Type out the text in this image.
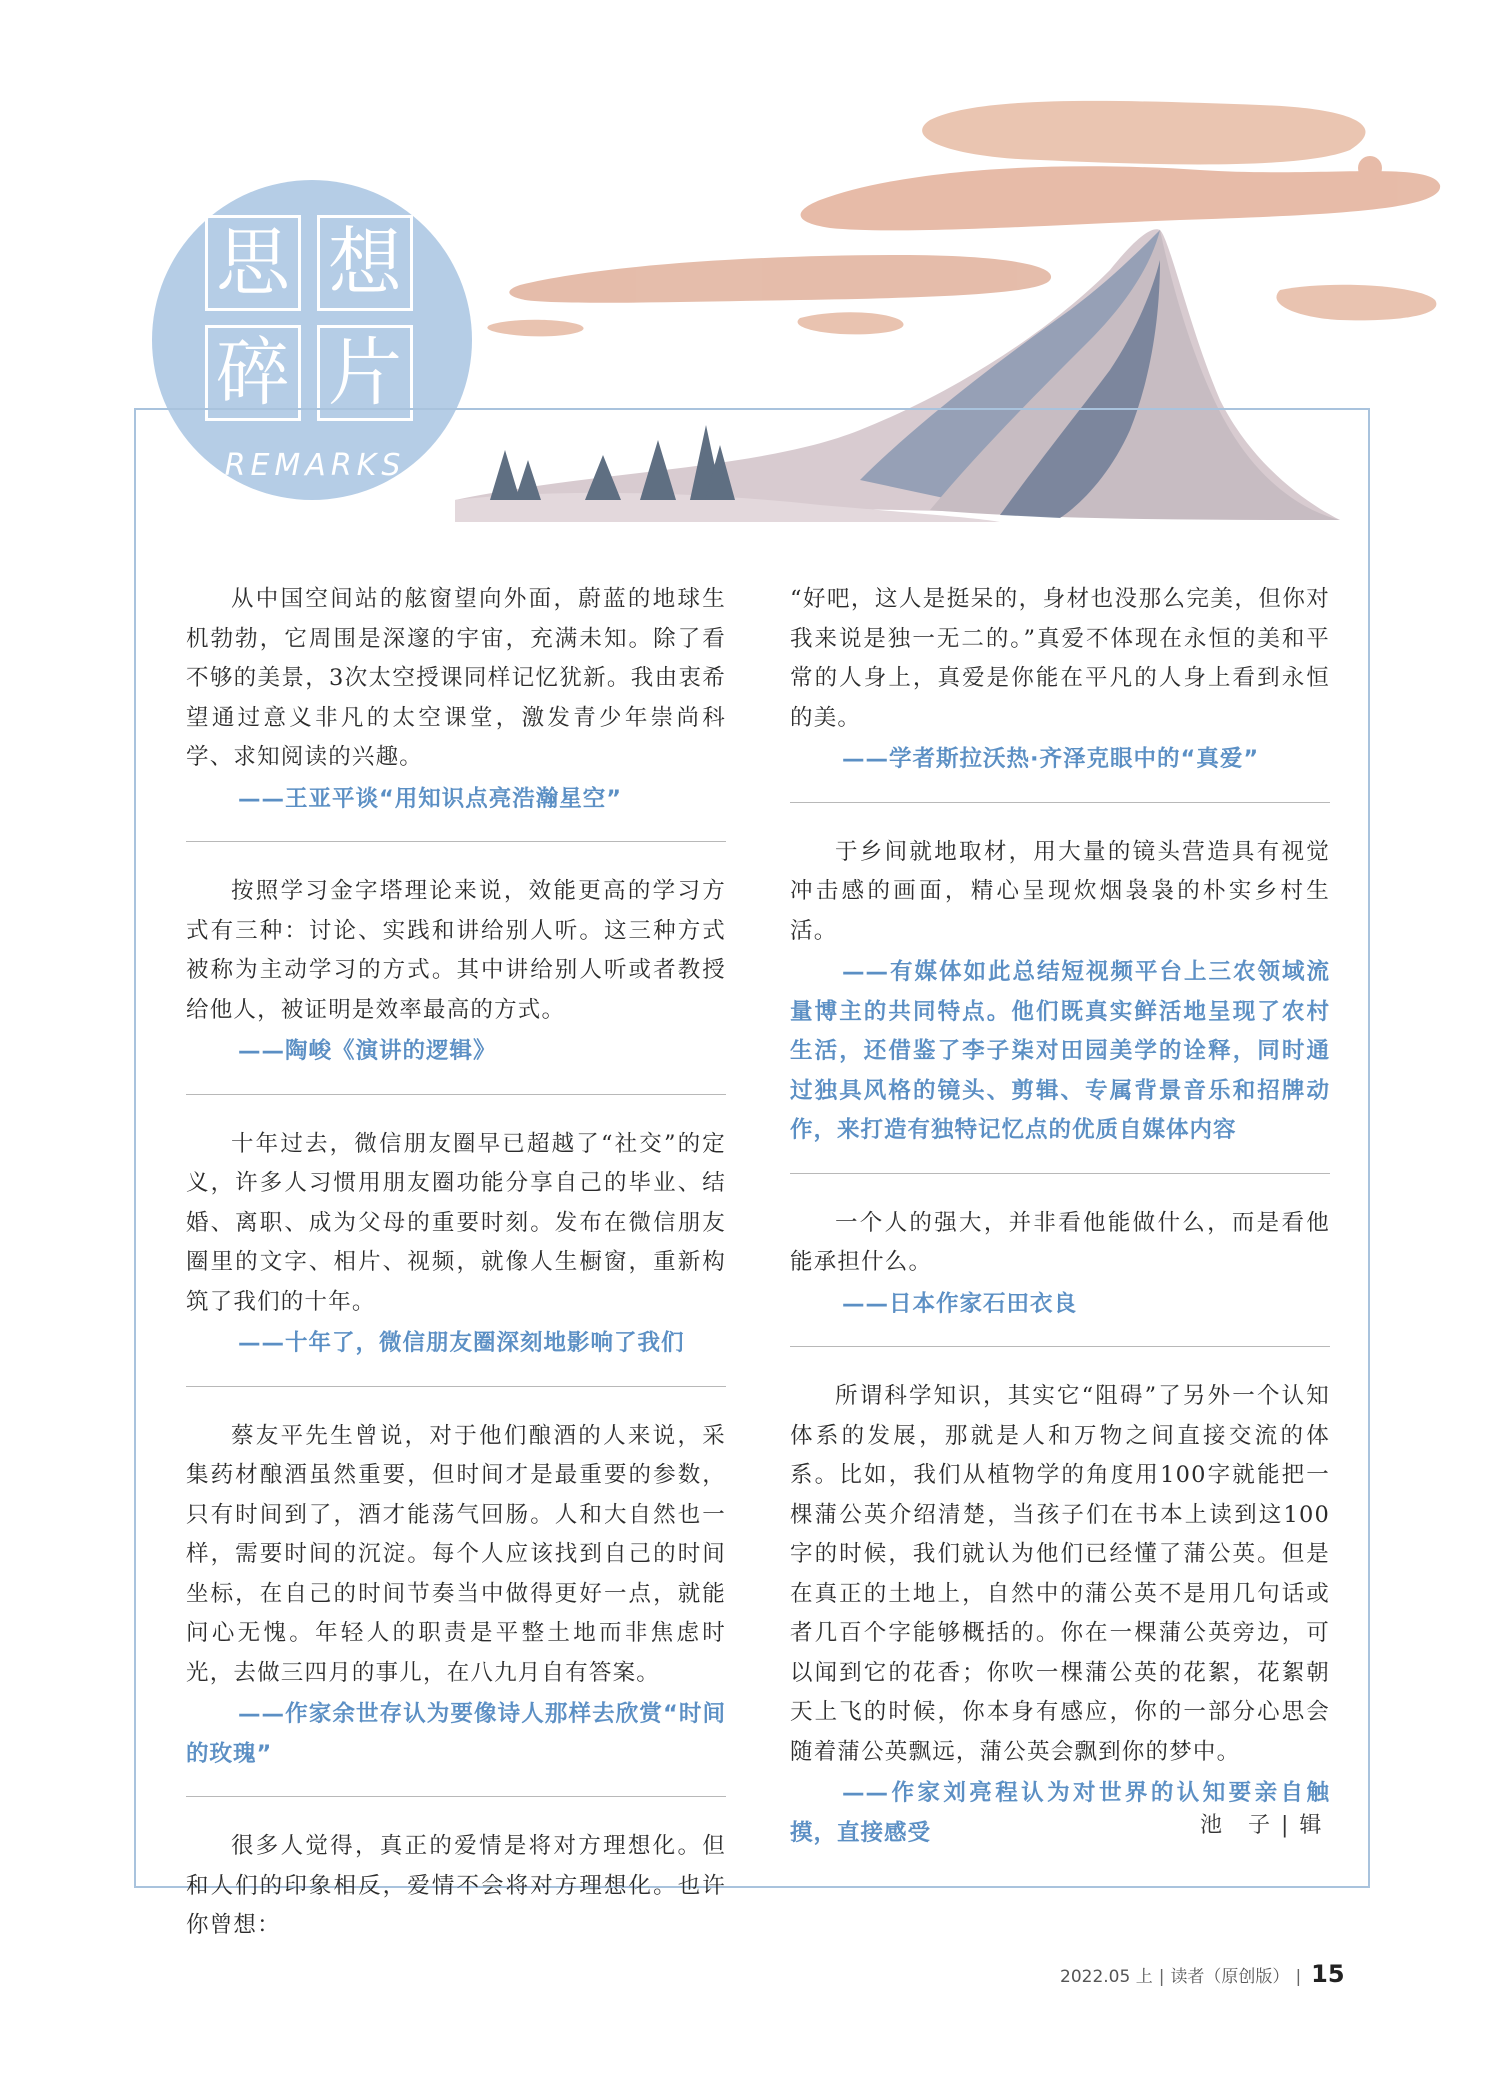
思 想
碎 片
REMARKS

从中国空间站的舷窗望向外面，蔚蓝的地球生机勃勃，它周围是深邃的宇宙，充满未知。除了看不够的美景，3次太空授课同样记忆犹新。我由衷希望通过意义非凡的太空课堂，激发青少年崇尚科学、求知阅读的兴趣。

——王亚平谈“用知识点亮浩瀚星空”

按照学习金字塔理论来说，效能更高的学习方式有三种：讨论、实践和讲给别人听。这三种方式被称为主动学习的方式。其中讲给别人听或者教授给他人，被证明是效率最高的方式。

——陶峻《演讲的逻辑》

十年过去，微信朋友圈早已超越了“社交”的定义，许多人习惯用朋友圈功能分享自己的毕业、结婚、离职、成为父母的重要时刻。发布在微信朋友圈里的文字、相片、视频，就像人生橱窗，重新构筑了我们的十年。

——十年了，微信朋友圈深刻地影响了我们

蔡友平先生曾说，对于他们酿酒的人来说，采集药材酿酒虽然重要，但时间才是最重要的参数，只有时间到了，酒才能荡气回肠。人和大自然也一样，需要时间的沉淀。每个人应该找到自己的时间坐标，在自己的时间节奏当中做得更好一点，就能问心无愧。年轻人的职责是平整土地而非焦虑时光，去做三四月的事儿，在八九月自有答案。

——作家余世存认为要像诗人那样去欣赏“时间的玫瑰”

很多人觉得，真正的爱情是将对方理想化。但和人们的印象相反，爱情不会将对方理想化。也许你曾想：

“好吧，这人是挺呆的，身材也没那么完美，但你对我来说是独一无二的。”真爱不体现在永恒的美和平常的人身上，真爱是你能在平凡的人身上看到永恒的美。

——学者斯拉沃热·齐泽克眼中的“真爱”

于乡间就地取材，用大量的镜头营造具有视觉冲击感的画面，精心呈现炊烟袅袅的朴实乡村生活。

——有媒体如此总结短视频平台上三农领域流量博主的共同特点。他们既真实鲜活地呈现了农村生活，还借鉴了李子柒对田园美学的诠释，同时通过独具风格的镜头、剪辑、专属背景音乐和招牌动作，来打造有独特记忆点的优质自媒体内容

一个人的强大，并非看他能做什么，而是看他能承担什么。

——日本作家石田衣良

所谓科学知识，其实它“阻碍”了另外一个认知体系的发展，那就是人和万物之间直接交流的体系。比如，我们从植物学的角度用100字就能把一棵蒲公英介绍清楚，当孩子们在书本上读到这100字的时候，我们就认为他们已经懂了蒲公英。但是在真正的土地上，自然中的蒲公英不是用几句话或者几百个字能够概括的。你在一棵蒲公英旁边，可以闻到它的花香；你吹一棵蒲公英的花絮，花絮朝天上飞的时候，你本身有感应，你的一部分心思会随着蒲公英飘远，蒲公英会飘到你的梦中。

——作家刘亮程认为对世界的认知要亲自触摸，直接感受	池　子 | 辑
2022.05 上 | 读者（原创版） | 15
